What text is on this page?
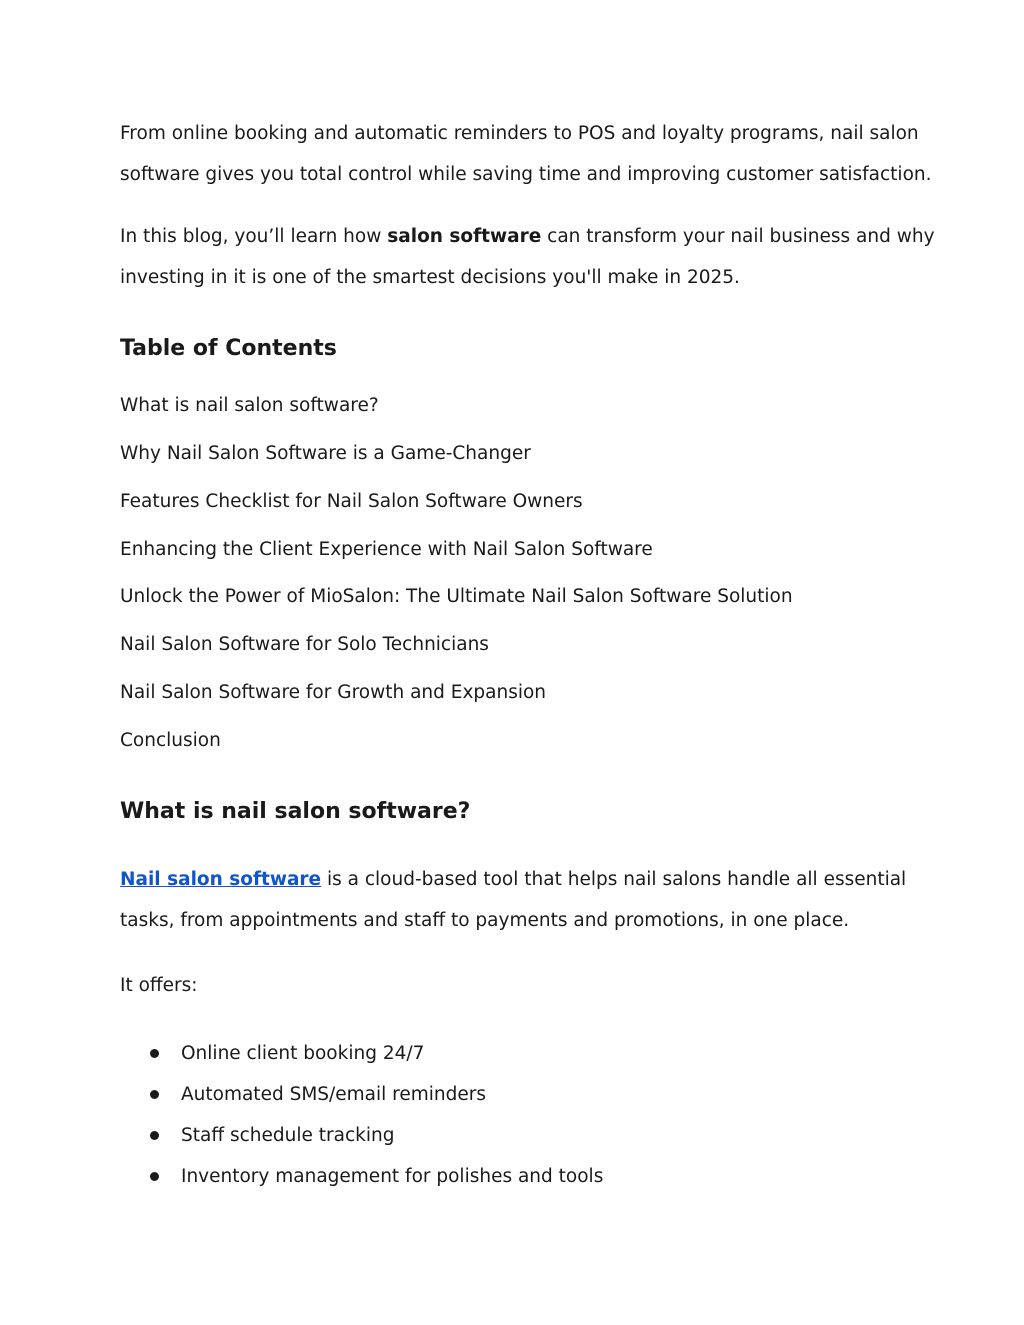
From online booking and automatic reminders to POS and loyalty programs, nail salon
software gives you total control while saving time and improving customer satisfaction.
In this blog, you’ll learn how salon software can transform your nail business and why
investing in it is one of the smartest decisions you'll make in 2025.
Table of Contents
What is nail salon software?
Why Nail Salon Software is a Game-Changer
Features Checklist for Nail Salon Software Owners
Enhancing the Client Experience with Nail Salon Software
Unlock the Power of MioSalon: The Ultimate Nail Salon Software Solution
Nail Salon Software for Solo Technicians
Nail Salon Software for Growth and Expansion
Conclusion
What is nail salon software?
Nail salon software is a cloud-based tool that helps nail salons handle all essential
tasks, from appointments and staff to payments and promotions, in one place.
It offers:
Online client booking 24/7
Automated SMS/email reminders
Staff schedule tracking
Inventory management for polishes and tools
